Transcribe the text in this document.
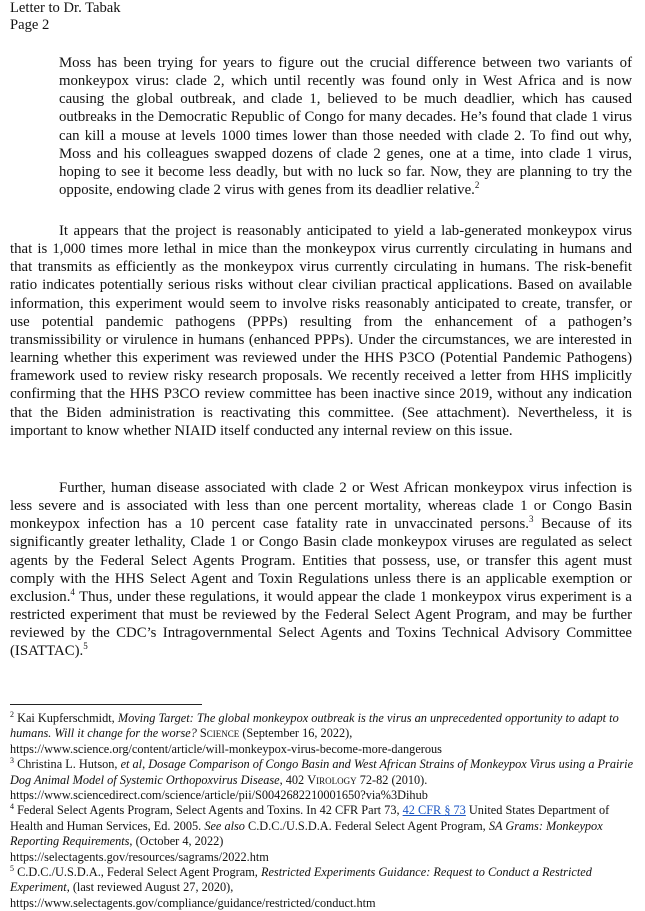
Letter to Dr. Tabak
Page 2

Moss has been trying for years to figure out the crucial difference between two variants of monkeypox virus: clade 2, which until recently was found only in West Africa and is now causing the global outbreak, and clade 1, believed to be much deadlier, which has caused outbreaks in the Democratic Republic of Congo for many decades. He’s found that clade 1 virus can kill a mouse at levels 1000 times lower than those needed with clade 2. To find out why, Moss and his colleagues swapped dozens of clade 2 genes, one at a time, into clade 1 virus, hoping to see it become less deadly, but with no luck so far. Now, they are planning to try the opposite, endowing clade 2 virus with genes from its deadlier relative.$^2$

It appears that the project is reasonably anticipated to yield a lab-generated monkeypox virus that is 1,000 times more lethal in mice than the monkeypox virus currently circulating in humans and that transmits as efficiently as the monkeypox virus currently circulating in humans. The risk-benefit ratio indicates potentially serious risks without clear civilian practical applications. Based on available information, this experiment would seem to involve risks reasonably anticipated to create, transfer, or use potential pandemic pathogens (PPPs) resulting from the enhancement of a pathogen’s transmissibility or virulence in humans (enhanced PPPs). Under the circumstances, we are interested in learning whether this experiment was reviewed under the HHS P3CO (Potential Pandemic Pathogens) framework used to review risky research proposals. We recently received a letter from HHS implicitly confirming that the HHS P3CO review committee has been inactive since 2019, without any indication that the Biden administration is reactivating this committee. (See attachment). Nevertheless, it is important to know whether NIAID itself conducted any internal review on this issue.

Further, human disease associated with clade 2 or West African monkeypox virus infection is less severe and is associated with less than one percent mortality, whereas clade 1 or Congo Basin monkeypox infection has a 10 percent case fatality rate in unvaccinated persons.$^3$ Because of its significantly greater lethality, Clade 1 or Congo Basin clade monkeypox viruses are regulated as select agents by the Federal Select Agents Program. Entities that possess, use, or transfer this agent must comply with the HHS Select Agent and Toxin Regulations unless there is an applicable exemption or exclusion.$^4$ Thus, under these regulations, it would appear the clade 1 monkeypox virus experiment is a restricted experiment that must be reviewed by the Federal Select Agent Program, and may be further reviewed by the CDC’s Intragovernmental Select Agents and Toxins Technical Advisory Committee (ISATTAC).$^5$

$^2$ Kai Kupferschmidt, Moving Target: The global monkeypox outbreak is the virus an unprecedented opportunity to adapt to humans. Will it change for the worse? Science (September 16, 2022),
https://www.science.org/content/article/will-monkeypox-virus-become-more-dangerous

$^3$ Christina L. Hutson, et al, Dosage Comparison of Congo Basin and West African Strains of Monkeypox Virus using a Prairie Dog Animal Model of Systemic Orthopoxvirus Disease, 402 Virology 72-82 (2010).
https://www.sciencedirect.com/science/article/pii/S0042682210001650?via%3Dihub

$^4$ Federal Select Agents Program, Select Agents and Toxins. In 42 CFR Part 73, 42 CFR § 73 United States Department of Health and Human Services, Ed. 2005. See also C.D.C./U.S.D.A. Federal Select Agent Program, SA Grams: Monkeypox Reporting Requirements, (October 4, 2022)
https://selectagents.gov/resources/sagrams/2022.htm

$^5$ C.D.C./U.S.D.A., Federal Select Agent Program, Restricted Experiments Guidance: Request to Conduct a Restricted Experiment, (last reviewed August 27, 2020),
https://www.selectagents.gov/compliance/guidance/restricted/conduct.htm
